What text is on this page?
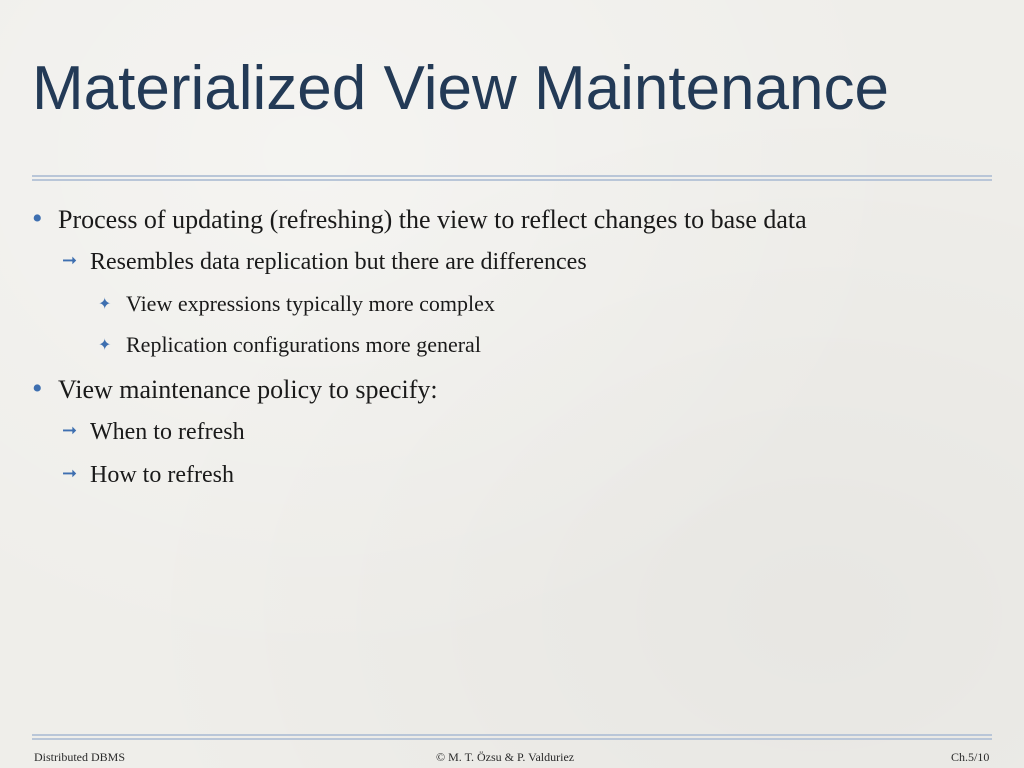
Materialized View Maintenance
• Process of updating (refreshing) the view to reflect changes to base data
➞ Resembles data replication but there are differences
✦ View expressions typically more complex
✦ Replication configurations more general
• View maintenance policy to specify:
➞ When to refresh
➞ How to refresh
Distributed DBMS	© M. T. Özsu & P. Valduriez	Ch.5/10
